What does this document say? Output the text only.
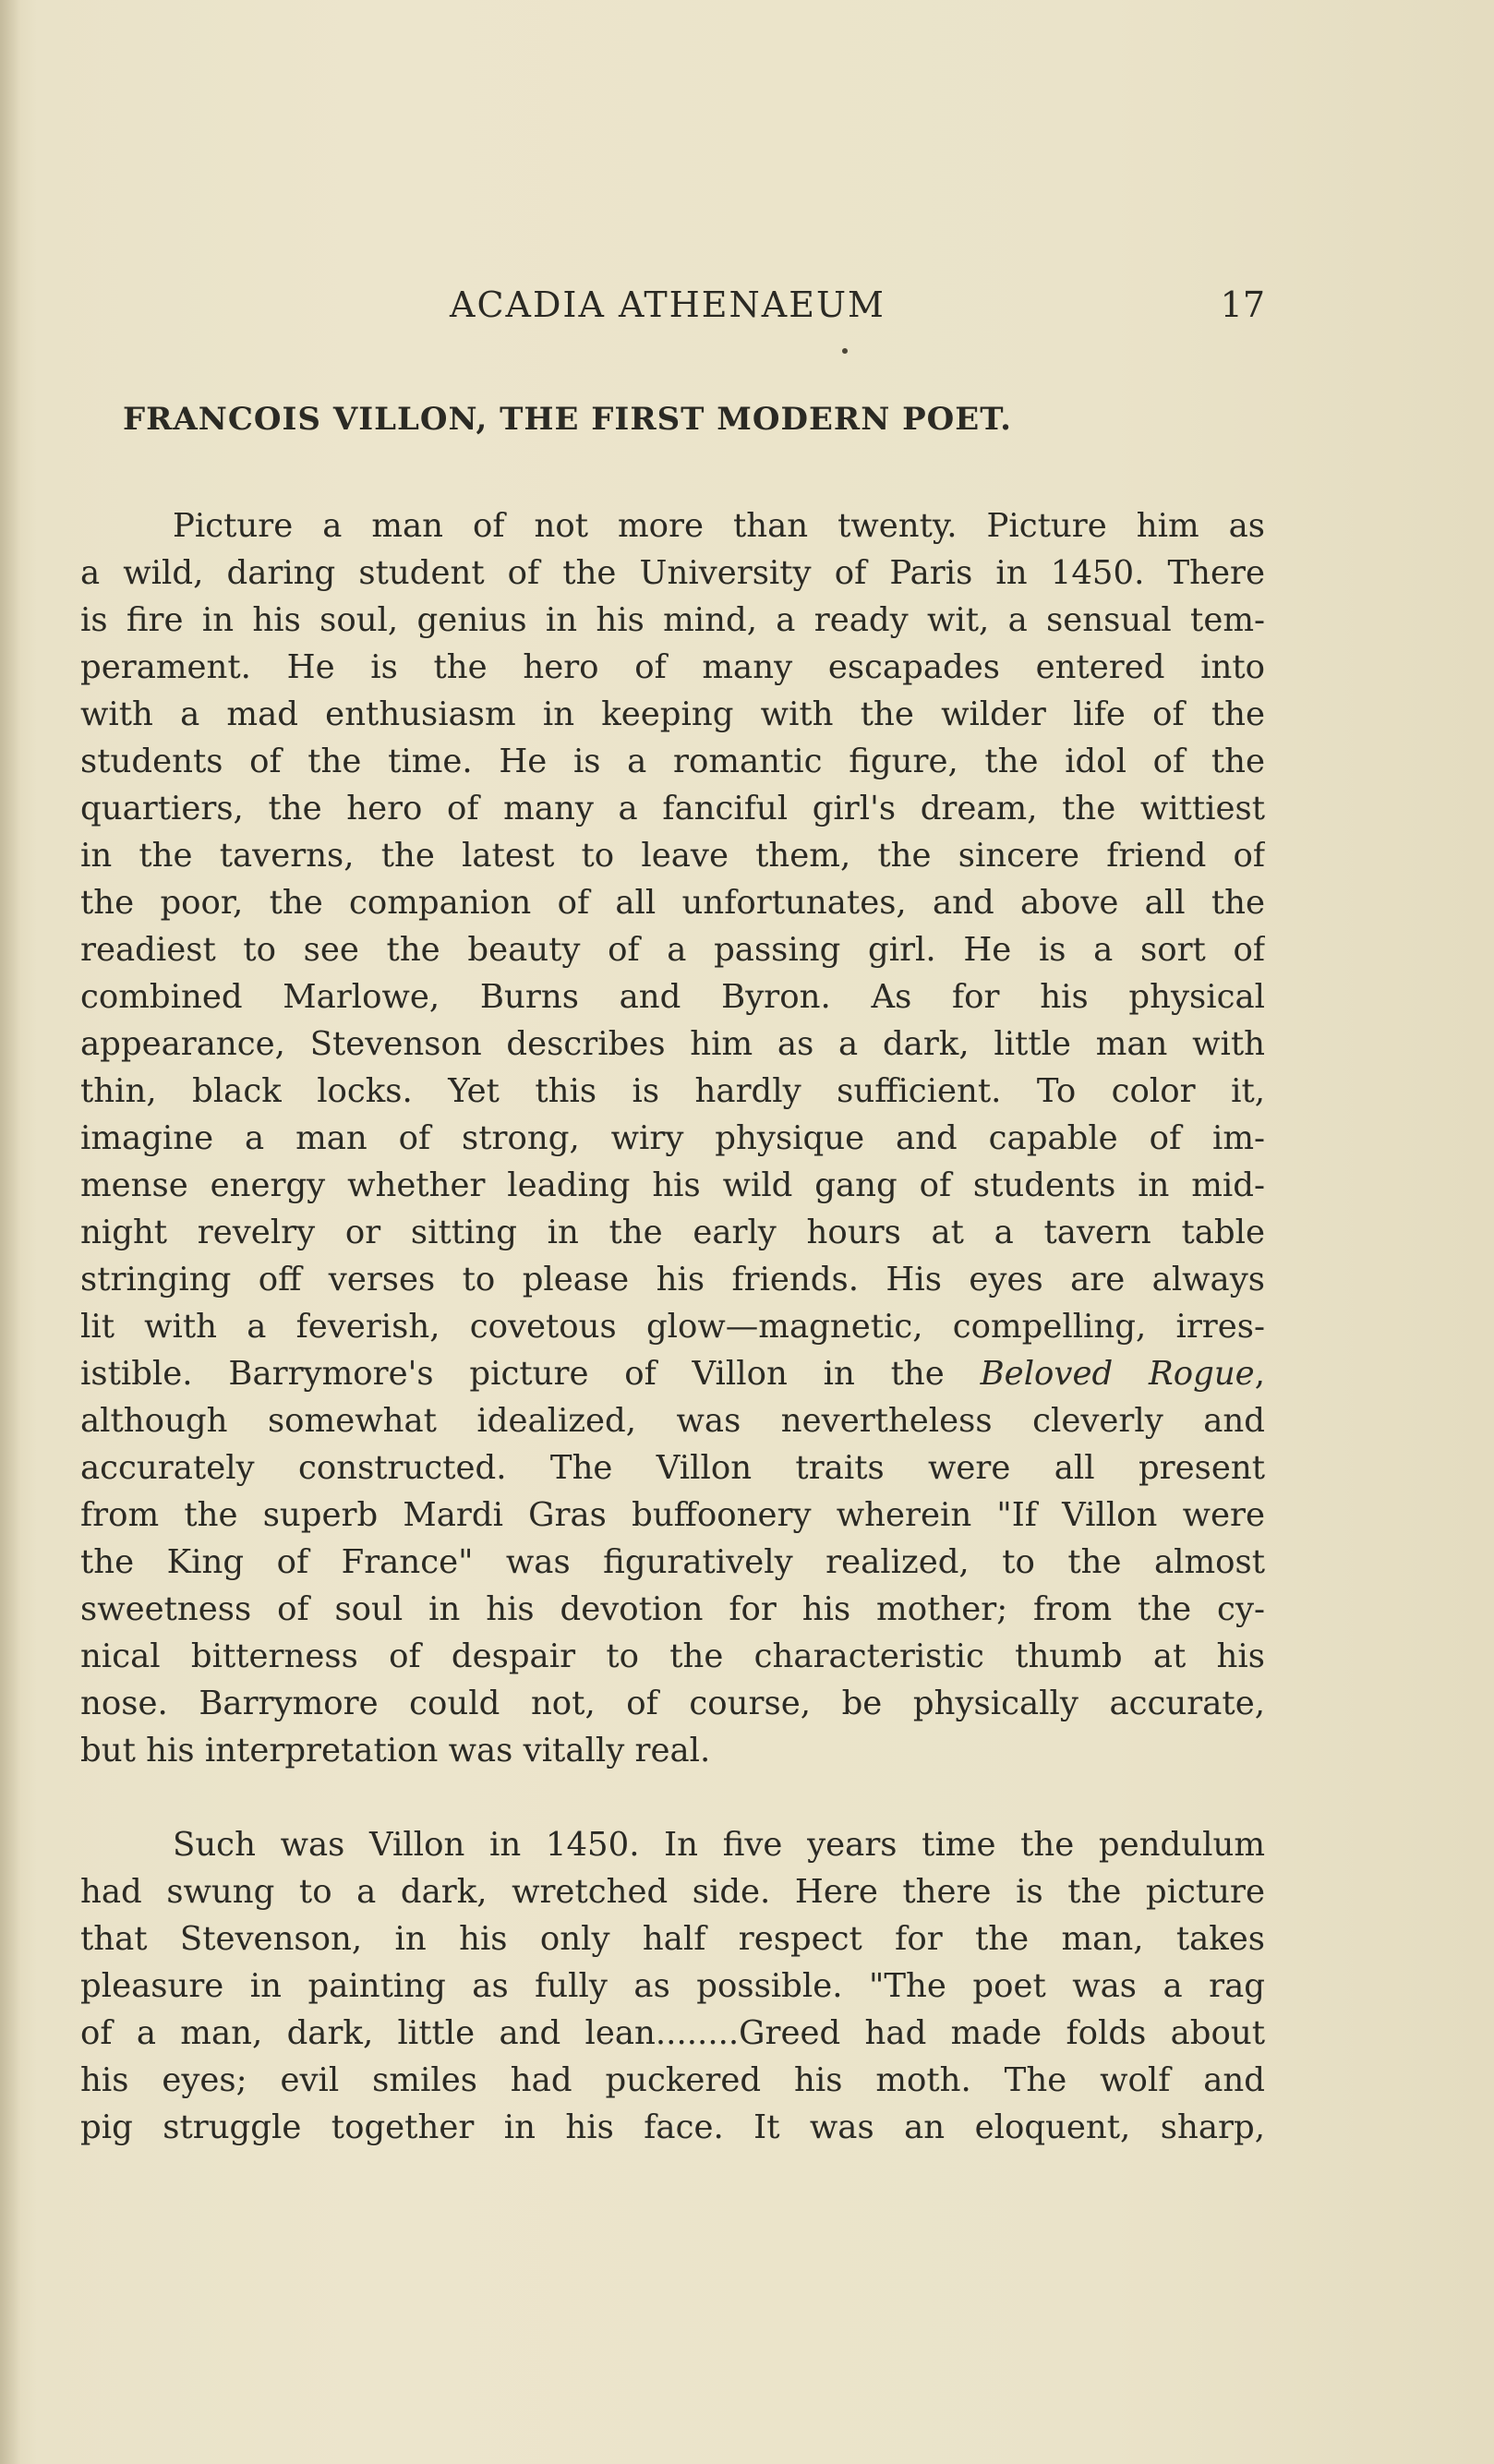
ACADIA ATHENAEUM	17
FRANCOIS VILLON, THE FIRST MODERN POET.
Picture a man of not more than twenty. Picture him as
a wild, daring student of the University of Paris in 1450. There
is fire in his soul, genius in his mind, a ready wit, a sensual tem-
perament. He is the hero of many escapades entered into
with a mad enthusiasm in keeping with the wilder life of the
students of the time. He is a romantic figure, the idol of the
quartiers, the hero of many a fanciful girl's dream, the wittiest
in the taverns, the latest to leave them, the sincere friend of
the poor, the companion of all unfortunates, and above all the
readiest to see the beauty of a passing girl. He is a sort of
combined Marlowe, Burns and Byron. As for his physical
appearance, Stevenson describes him as a dark, little man with
thin, black locks. Yet this is hardly sufficient. To color it,
imagine a man of strong, wiry physique and capable of im-
mense energy whether leading his wild gang of students in mid-
night revelry or sitting in the early hours at a tavern table
stringing off verses to please his friends. His eyes are always
lit with a feverish, covetous glow—magnetic, compelling, irres-
istible. Barrymore's picture of Villon in the Beloved Rogue,
although somewhat idealized, was nevertheless cleverly and
accurately constructed. The Villon traits were all present
from the superb Mardi Gras buffoonery wherein "If Villon were
the King of France" was figuratively realized, to the almost
sweetness of soul in his devotion for his mother; from the cy-
nical bitterness of despair to the characteristic thumb at his
nose. Barrymore could not, of course, be physically accurate,
but his interpretation was vitally real.
Such was Villon in 1450. In five years time the pendulum
had swung to a dark, wretched side. Here there is the picture
that Stevenson, in his only half respect for the man, takes
pleasure in painting as fully as possible. "The poet was a rag
of a man, dark, little and lean........Greed had made folds about
his eyes; evil smiles had puckered his moth. The wolf and
pig struggle together in his face. It was an eloquent, sharp,
